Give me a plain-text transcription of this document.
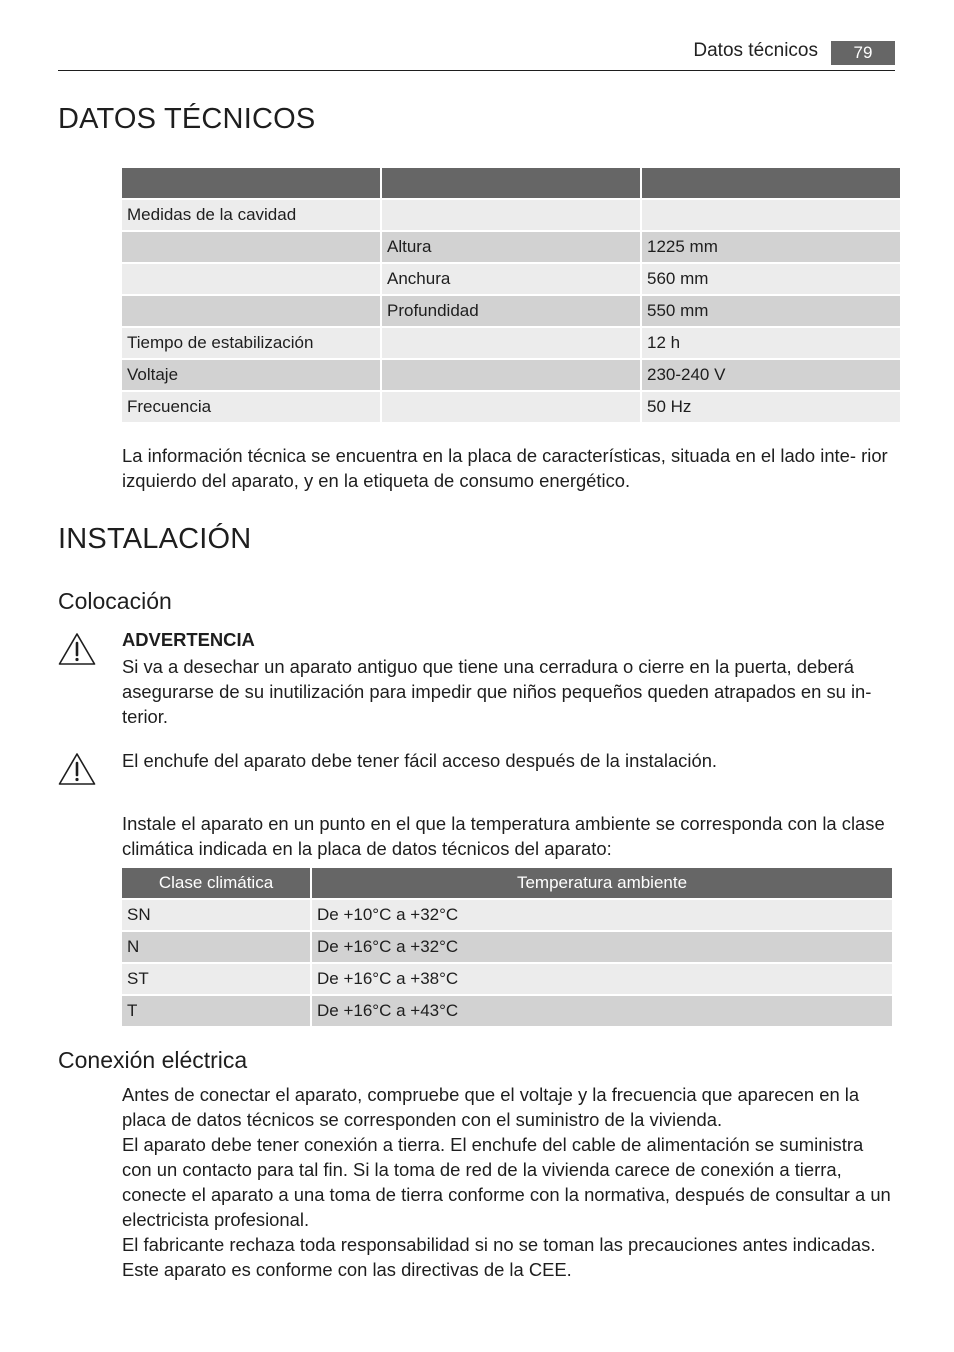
Datos técnicos	79
DATOS TÉCNICOS

Medidas de la cavidad		
	Altura	1225 mm
	Anchura	560 mm
	Profundidad	550 mm
Tiempo de estabilización		12 h
Voltaje		230-240 V
Frecuencia		50 Hz

La información técnica se encuentra en la placa de características, situada en el lado inte- rior izquierdo del aparato, y en la etiqueta de consumo energético.

INSTALACIÓN
Colocación

ADVERTENCIA

Si va a desechar un aparato antiguo que tiene una cerradura o cierre en la puerta, deberá asegurarse de su inutilización para impedir que niños pequeños queden atrapados en su in- terior.

El enchufe del aparato debe tener fácil acceso después de la instalación.

Instale el aparato en un punto en el que la temperatura ambiente se corresponda con la clase climática indicada en la placa de datos técnicos del aparato:

Clase climática	Temperatura ambiente
SN	De +10°C a +32°C
N	De +16°C a +32°C
ST	De +16°C a +38°C
T	De +16°C a +43°C
Conexión eléctrica

Antes de conectar el aparato, compruebe que el voltaje y la frecuencia que aparecen en la placa de datos técnicos se corresponden con el suministro de la vivienda.

El aparato debe tener conexión a tierra. El enchufe del cable de alimentación se suministra con un contacto para tal fin. Si la toma de red de la vivienda carece de conexión a tierra, conecte el aparato a una toma de tierra conforme con la normativa, después de consultar a un electricista profesional.

El fabricante rechaza toda responsabilidad si no se toman las precauciones antes indicadas.

Este aparato es conforme con las directivas de la CEE.
